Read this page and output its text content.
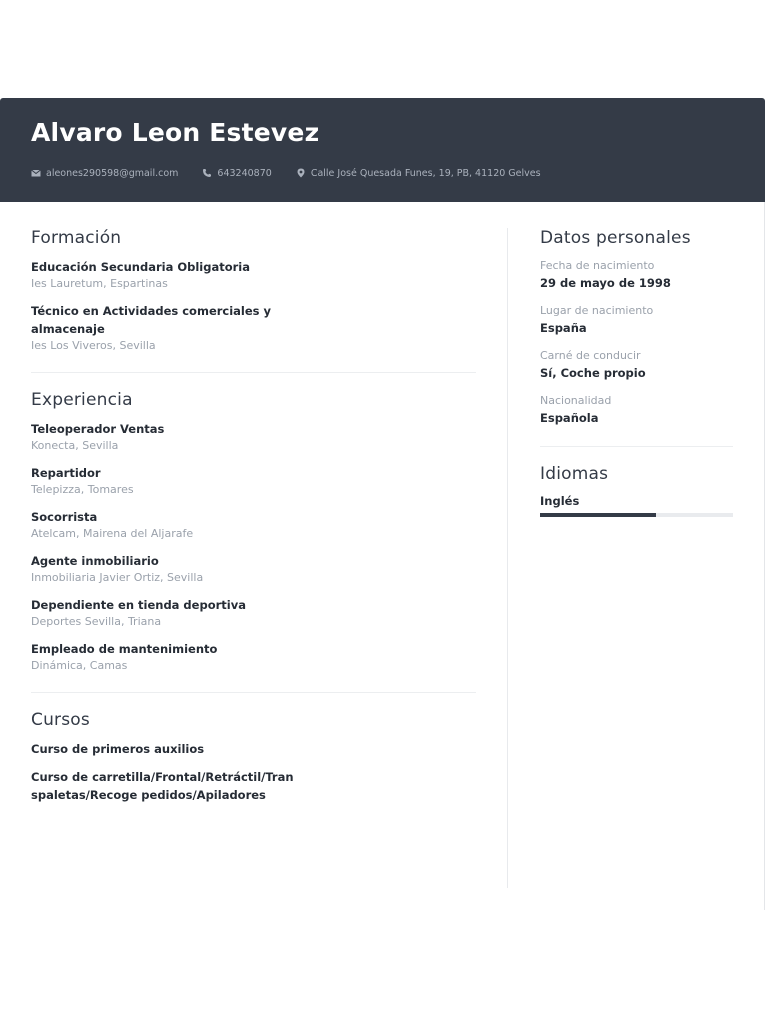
Alvaro Leon Estevez
aleones290598@gmail.com	643240870	Calle José Quesada Funes, 19, PB, 41120 Gelves
Formación
Educación Secundaria Obligatoria
Ies Lauretum, Espartinas
Técnico en Actividades comerciales y almacenaje
Ies Los Viveros, Sevilla
Experiencia
Teleoperador Ventas
Konecta, Sevilla
Repartidor
Telepizza, Tomares
Socorrista
Atelcam, Mairena del Aljarafe
Agente inmobiliario
Inmobiliaria Javier Ortiz, Sevilla
Dependiente en tienda deportiva
Deportes Sevilla, Triana
Empleado de mantenimiento
Dinámica, Camas
Cursos
Curso de primeros auxilios
Curso de carretilla/Frontal/Retráctil/Transpaletas/Recoge pedidos/Apiladores
Datos personales
Fecha de nacimiento
29 de mayo de 1998
Lugar de nacimiento
España
Carné de conducir
Sí, Coche propio
Nacionalidad
Española
Idiomas
Inglés
